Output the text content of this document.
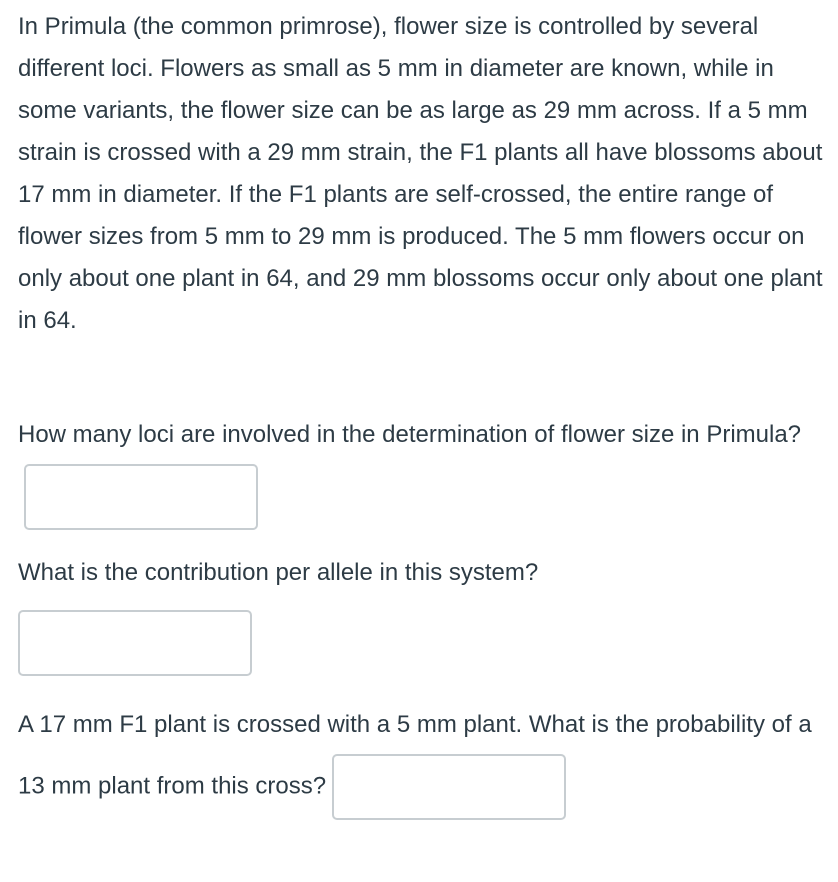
In Primula (the common primrose), flower size is controlled by several different loci. Flowers as small as 5 mm in diameter are known, while in some variants, the flower size can be as large as 29 mm across. If a 5 mm strain is crossed with a 29 mm strain, the F1 plants all have blossoms about 17 mm in diameter. If the F1 plants are self-crossed, the entire range of flower sizes from 5 mm to 29 mm is produced. The 5 mm flowers occur on only about one plant in 64, and 29 mm blossoms occur only about one plant in 64.

How many loci are involved in the determination of flower size in Primula?

What is the contribution per allele in this system?

A 17 mm F1 plant is crossed with a 5 mm plant. What is the probability of a 13 mm plant from this cross?
